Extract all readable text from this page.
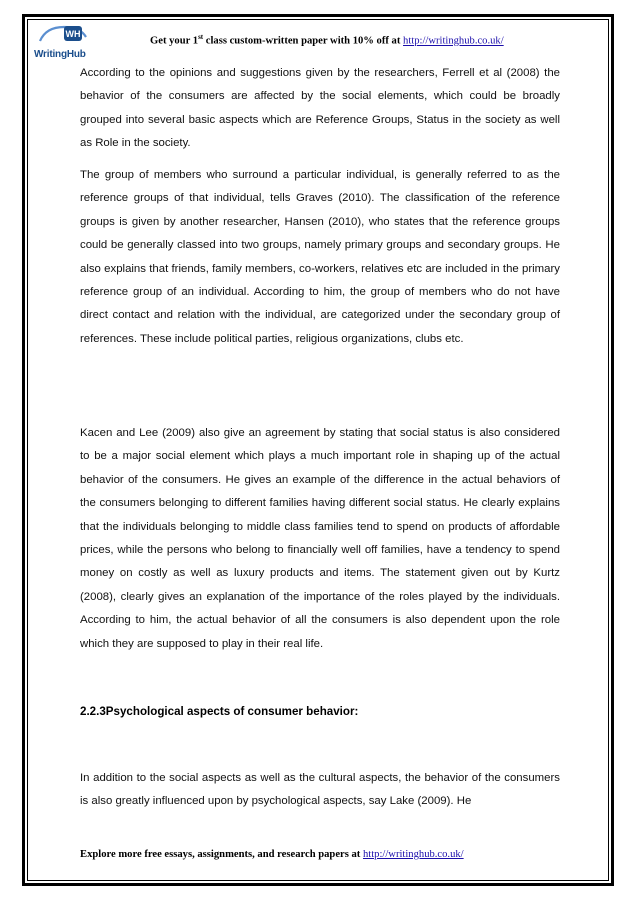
WH
WritingHub
Get your 1st class custom-written paper with 10% off at http://writinghub.co.uk/
According to the opinions and suggestions given by the researchers, Ferrell et al (2008) the behavior of the consumers are affected by the social elements, which could be broadly grouped into several basic aspects which are Reference Groups, Status in the society as well as Role in the society.
The group of members who surround a particular individual, is generally referred to as the reference groups of that individual, tells Graves (2010). The classification of the reference groups is given by another researcher, Hansen (2010), who states that the reference groups could be generally classed into two groups, namely primary groups and secondary groups. He also explains that friends, family members, co-workers, relatives etc are included in the primary reference group of an individual. According to him, the group of members who do not have direct contact and relation with the individual, are categorized under the secondary group of references. These include political parties, religious organizations, clubs etc.
Kacen and Lee (2009) also give an agreement by stating that social status is also considered to be a major social element which plays a much important role in shaping up of the actual behavior of the consumers. He gives an example of the difference in the actual behaviors of the consumers belonging to different families having different social status. He clearly explains that the individuals belonging to middle class families tend to spend on products of affordable prices, while the persons who belong to financially well off families, have a tendency to spend money on costly as well as luxury products and items. The statement given out by Kurtz (2008), clearly gives an explanation of the importance of the roles played by the individuals. According to him, the actual behavior of all the consumers is also dependent upon the role which they are supposed to play in their real life.
2.2.3Psychological aspects of consumer behavior:
In addition to the social aspects as well as the cultural aspects, the behavior of the consumers is also greatly influenced upon by psychological aspects, say Lake (2009). He
Explore more free essays, assignments, and research papers at http://writinghub.co.uk/
